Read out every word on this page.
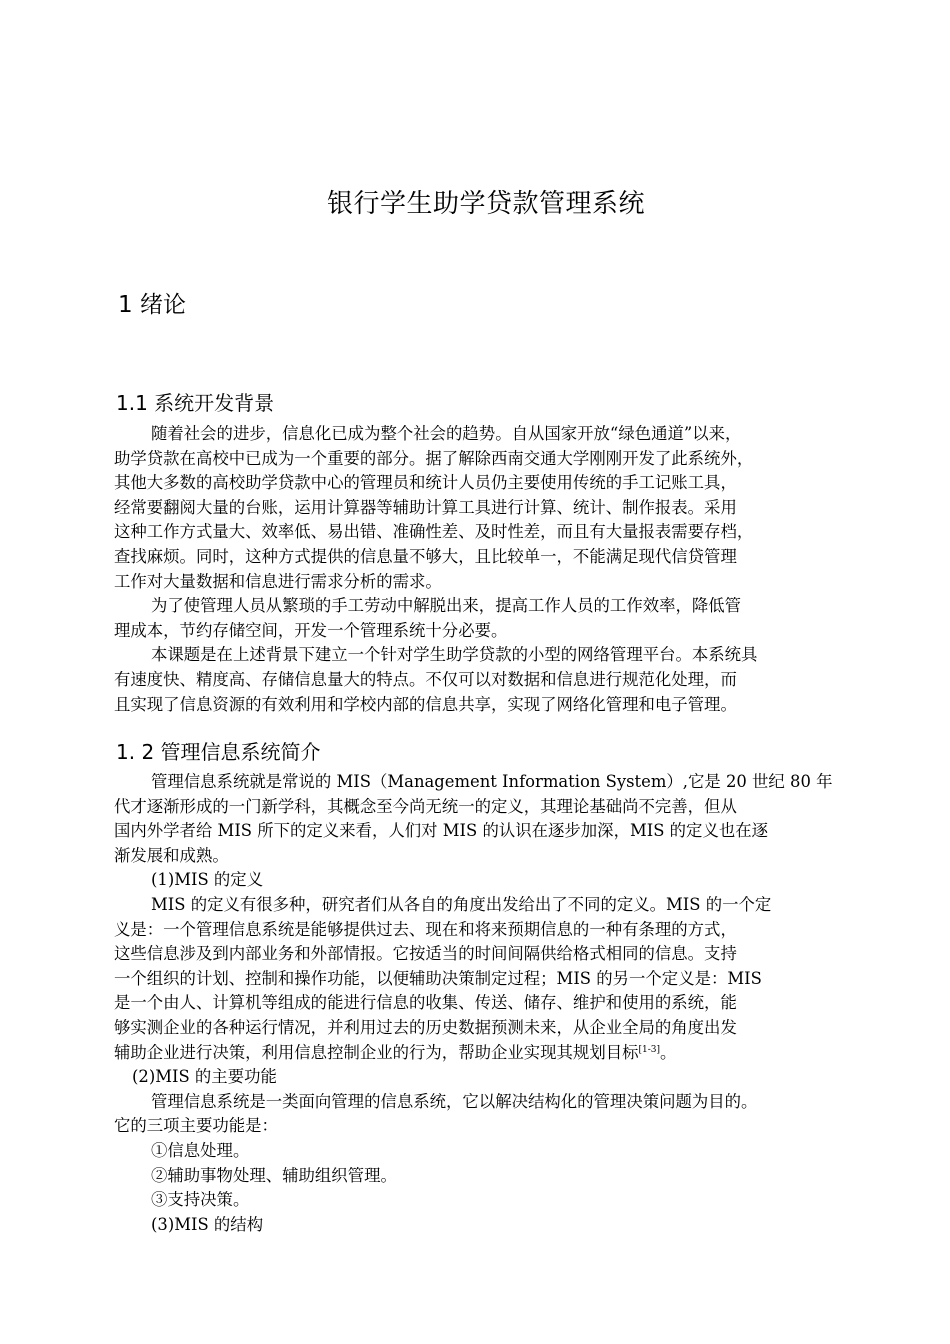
银行学生助学贷款管理系统
1 绪论
1.1 系统开发背景
随着社会的进步，信息化已成为整个社会的趋势。自从国家开放“绿色通道”以来，
助学贷款在高校中已成为一个重要的部分。据了解除西南交通大学刚刚开发了此系统外，
其他大多数的高校助学贷款中心的管理员和统计人员仍主要使用传统的手工记账工具，
经常要翻阅大量的台账，运用计算器等辅助计算工具进行计算、统计、制作报表。采用
这种工作方式量大、效率低、易出错、准确性差、及时性差，而且有大量报表需要存档，
查找麻烦。同时，这种方式提供的信息量不够大，且比较单一，不能满足现代信贷管理
工作对大量数据和信息进行需求分析的需求。
为了使管理人员从繁琐的手工劳动中解脱出来，提高工作人员的工作效率，降低管
理成本，节约存储空间，开发一个管理系统十分必要。
本课题是在上述背景下建立一个针对学生助学贷款的小型的网络管理平台。本系统具
有速度快、精度高、存储信息量大的特点。不仅可以对数据和信息进行规范化处理，而
且实现了信息资源的有效利用和学校内部的信息共享，实现了网络化管理和电子管理。
1. 2 管理信息系统简介
管理信息系统就是常说的 MIS（Management Information System）,它是 20 世纪 80 年
代才逐渐形成的一门新学科，其概念至今尚无统一的定义，其理论基础尚不完善，但从
国内外学者给 MIS 所下的定义来看，人们对 MIS 的认识在逐步加深，MIS 的定义也在逐
渐发展和成熟。
(1)MIS 的定义
MIS 的定义有很多种，研究者们从各自的角度出发给出了不同的定义。MIS 的一个定
义是：一个管理信息系统是能够提供过去、现在和将来预期信息的一种有条理的方式，
这些信息涉及到内部业务和外部情报。它按适当的时间间隔供给格式相同的信息。支持
一个组织的计划、控制和操作功能，以便辅助决策制定过程；MIS 的另一个定义是：MIS
是一个由人、计算机等组成的能进行信息的收集、传送、储存、维护和使用的系统，能
够实测企业的各种运行情况，并利用过去的历史数据预测未来，从企业全局的角度出发
辅助企业进行决策，利用信息控制企业的行为，帮助企业实现其规划目标[1-3]。
(2)MIS 的主要功能
管理信息系统是一类面向管理的信息系统，它以解决结构化的管理决策问题为目的。
它的三项主要功能是：
①信息处理。
②辅助事物处理、辅助组织管理。
③支持决策。
(3)MIS 的结构
